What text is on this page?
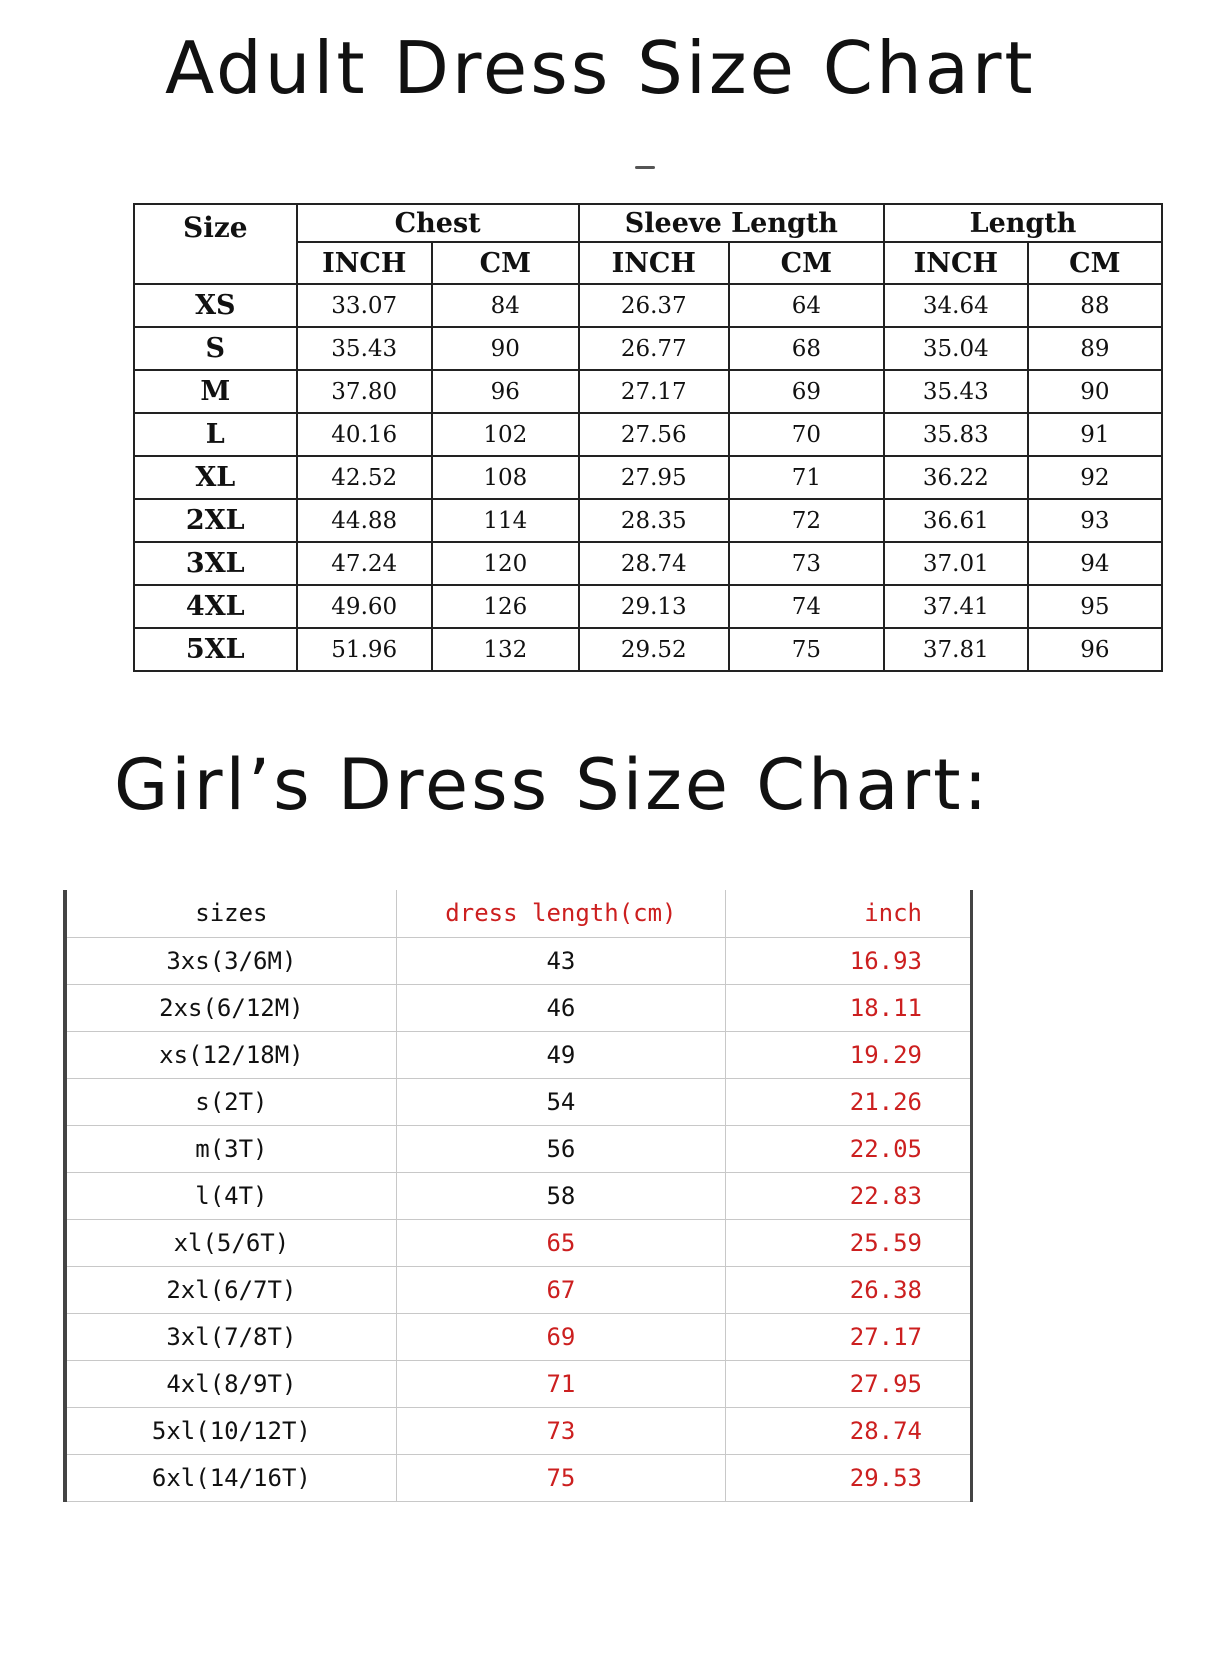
Adult Dress Size Chart
Size	Chest		Sleeve Length		Length	
	INCH	CM	INCH	CM	INCH	CM
XS	33.07	84	26.37	64	34.64	88
S	35.43	90	26.77	68	35.04	89
M	37.80	96	27.17	69	35.43	90
L	40.16	102	27.56	70	35.83	91
XL	42.52	108	27.95	71	36.22	92
2XL	44.88	114	28.35	72	36.61	93
3XL	47.24	120	28.74	73	37.01	94
4XL	49.60	126	29.13	74	37.41	95
5XL	51.96	132	29.52	75	37.81	96
Girl’s Dress Size Chart:
sizes	dress length(cm)	inch
3xs(3/6M)	43	16.93
2xs(6/12M)	46	18.11
xs(12/18M)	49	19.29
s(2T)	54	21.26
m(3T)	56	22.05
l(4T)	58	22.83
xl(5/6T)	65	25.59
2xl(6/7T)	67	26.38
3xl(7/8T)	69	27.17
4xl(8/9T)	71	27.95
5xl(10/12T)	73	28.74
6xl(14/16T)	75	29.53
